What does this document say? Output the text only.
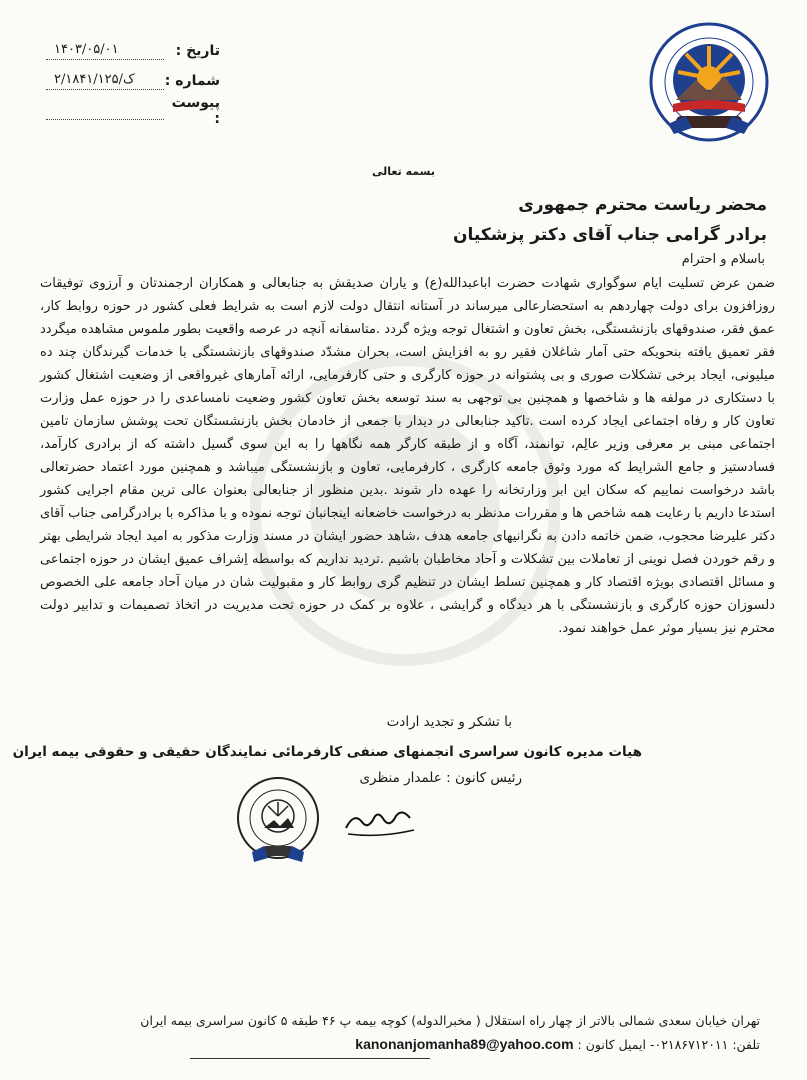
تاریخ :
۱۴۰۳/۰۵/۰۱
شماره :
۲/۱۸۴۱/۱۲۵/ک
پیوست :
بسمه تعالی
محضر ریاست محترم جمهوری
برادر گرامی جناب آقای دکتر پزشکیان
باسلام و احترام
ضمن عرض تسلیت ایام سوگواری شهادت حضرت اباعبدالله(ع) و یاران صدیقش به جنابعالی و همکاران ارجمندتان و آرزوی توفیقات روزافزون برای دولت چهاردهم به استحضارعالی میرساند در آستانه انتقال دولت لازم است به شرایط فعلی کشور در حوزه روابط کار، عمق فقر، صندوقهای بازنشستگی، بخش تعاون و اشتغال توجه ویژه گردد .متاسفانه آنچه در عرصه واقعیت بطور ملموس مشاهده میگردد فقر تعمیق یافته بنحویکه حتی آمار شاغلان فقیر رو به افزایش است، بحران مشدّد صندوقهای بازنشستگی با خدمات گیرندگان چند ده میلیونی، ایجاد برخی تشکلات صوری و بی پشتوانه در حوزه کارگری و حتی کارفرمایی، ارائه آمارهای غیرواقعی از وضعیت اشتغال کشور با دستکاری در مولفه ها و شاخصها و همچنین بی توجهی به سند توسعه بخش تعاون کشور وضعیت نامساعدی را در حوزه عمل وزارت تعاون کار و رفاه اجتماعی ایجاد کرده است .تاکید جنابعالی در دیدار با جمعی از خادمان بخش بازنشستگان تحت پوشش سازمان تامین اجتماعی مبنی بر معرفی وزیر عالِم، توانمند، آگاه و از طبقه کارگر همه نگاهها را به این سوی گسیل داشته که از برادری کارآمد، فسادستیز و جامع الشرایط که مورد وثوق جامعه کارگری ، کارفرمایی، تعاون و بازنشستگی میباشد و همچنین مورد اعتماد حضرتعالی باشد درخواست نماییم که سکان این ابر وزارتخانه را عهده دار شوند .بدین منظور از جنابعالی بعنوان عالی ترین مقام اجرایی کشور استدعا داریم با رعایت همه شاخص ها و مقررات مدنظر به درخواست خاضعانه اینجانبان توجه نموده و با مذاکره با برادرگرامی جناب آقای دکتر علیرضا محجوب، ضمن خاتمه دادن به نگرانیهای جامعه هدف ،شاهد حضور ایشان در مسند وزارت مذکور به امید ایجاد شرایطی بهتر و رقم خوردن فصل نوینی از تعاملات بین تشکلات و آحاد مخاطبان باشیم .تردید نداریم که بواسطه اِشراف عمیق ایشان در حوزه اجتماعی و مسائل اقتصادی بویژه اقتصاد کار و همچنین تسلط ایشان در تنظیم گری روابط کار و مقبولیت شان در میان آحاد جامعه علی الخصوص دلسوزان حوزه کارگری و بازنشستگی با هر دیدگاه و گرایشی ، علاوه بر کمک در حوزه تحت مدیریت در اتخاذ تصمیمات و تدابیر دولت محترم نیز بسیار موثر عمل خواهند نمود.
با تشکر و تجدید ارادت
هیات مدیره کانون سراسری انجمنهای صنفی کارفرمائی نمایندگان حقیقی و حقوقی بیمه ایران
رئیس کانون : علمدار منظری
تهران خیابان سعدی شمالی بالاتر از چهار راه استقلال ( مخبرالدوله) کوچه بیمه پ ۴۶ طبقه ۵ کانون سراسری بیمه ایران
تلفن: ۰۲۱۸۶۷۱۲۰۱۱- ایمیل کانون : kanonanjomanha89@yahoo.com
